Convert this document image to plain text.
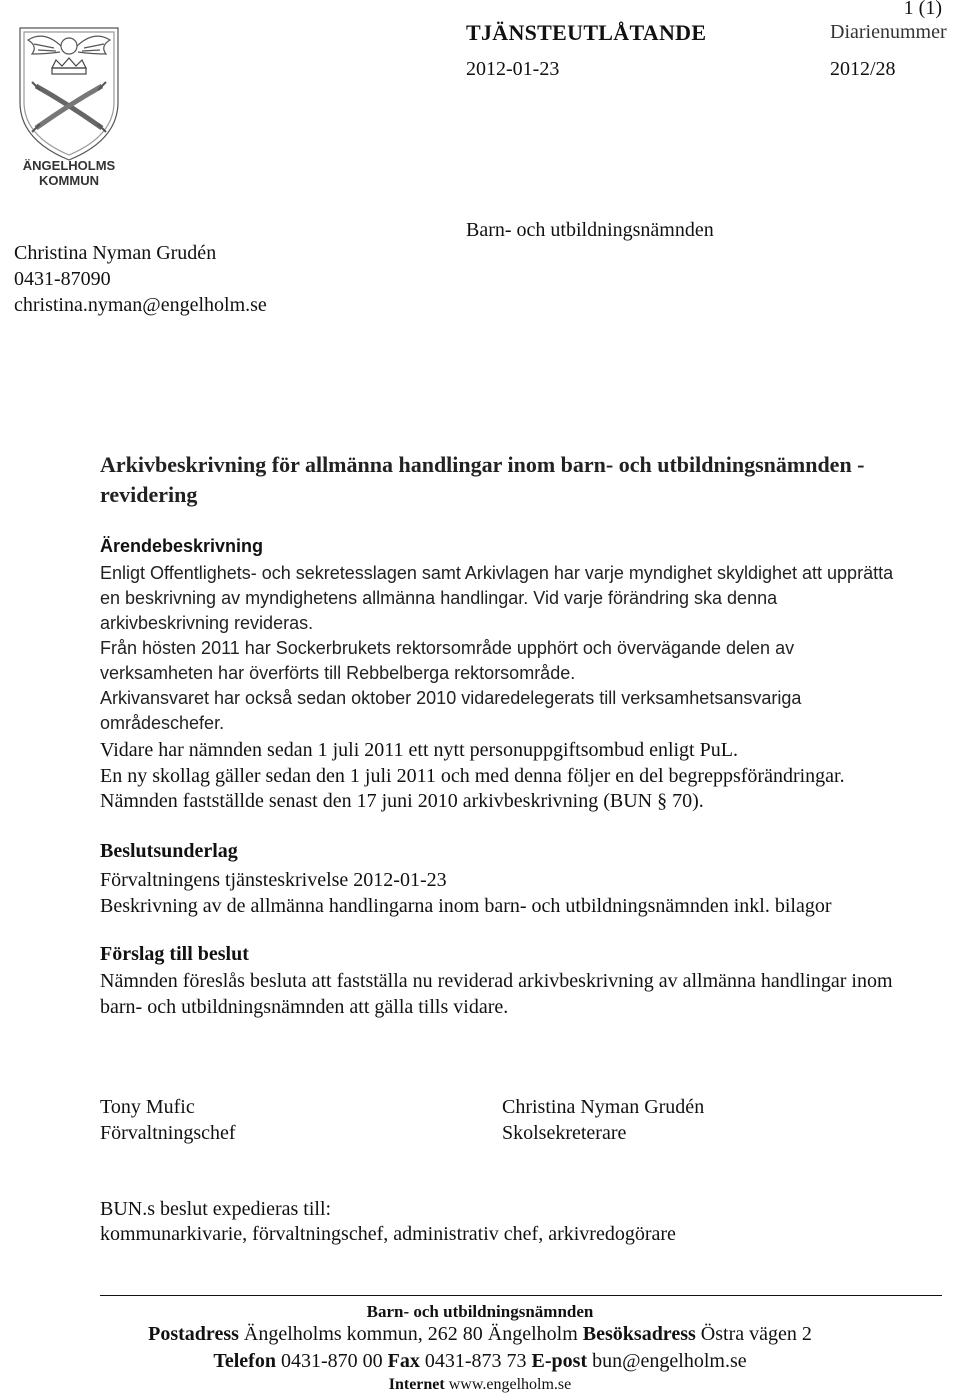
ÄNGELHOLMS
KOMMUN
1 (1)
TJÄNSTEUTLÅTANDE	Diarienummer
2012-01-23	2012/28
Christina Nyman Grudén
0431-87090
christina.nyman@engelholm.se
Barn- och utbildningsnämnden
Arkivbeskrivning för allmänna handlingar inom barn- och utbildningsnämnden - revidering
Ärendebeskrivning
Enligt Offentlighets- och sekretesslagen samt Arkivlagen har varje myndighet skyldighet att upprätta en beskrivning av myndighetens allmänna handlingar. Vid varje förändring ska denna arkivbeskrivning revideras.
Från hösten 2011 har Sockerbrukets rektorsområde upphört och övervägande delen av verksamheten har överförts till Rebbelberga rektorsområde.
Arkivansvaret har också sedan oktober 2010 vidaredelegerats till verksamhetsansvariga områdeschefer.
Vidare har nämnden sedan 1 juli 2011 ett nytt personuppgiftsombud enligt PuL.
En ny skollag gäller sedan den 1 juli 2011 och med denna följer en del begreppsförändringar.
Nämnden fastställde senast den 17 juni 2010 arkivbeskrivning (BUN § 70).
Beslutsunderlag
Förvaltningens tjänsteskrivelse 2012-01-23
Beskrivning av de allmänna handlingarna inom barn- och utbildningsnämnden inkl. bilagor
Förslag till beslut
Nämnden föreslås besluta att fastställa nu reviderad arkivbeskrivning av allmänna handlingar inom barn- och utbildningsnämnden att gälla tills vidare.
Tony Mufic
Förvaltningschef
Christina Nyman Grudén
Skolsekreterare
BUN.s beslut expedieras till:
kommunarkivarie, förvaltningschef, administrativ chef, arkivredogörare
Barn- och utbildningsnämnden
Postadress Ängelholms kommun, 262 80 Ängelholm Besöksadress Östra vägen 2
Telefon 0431-870 00 Fax 0431-873 73 E-post bun@engelholm.se
Internet www.engelholm.se
